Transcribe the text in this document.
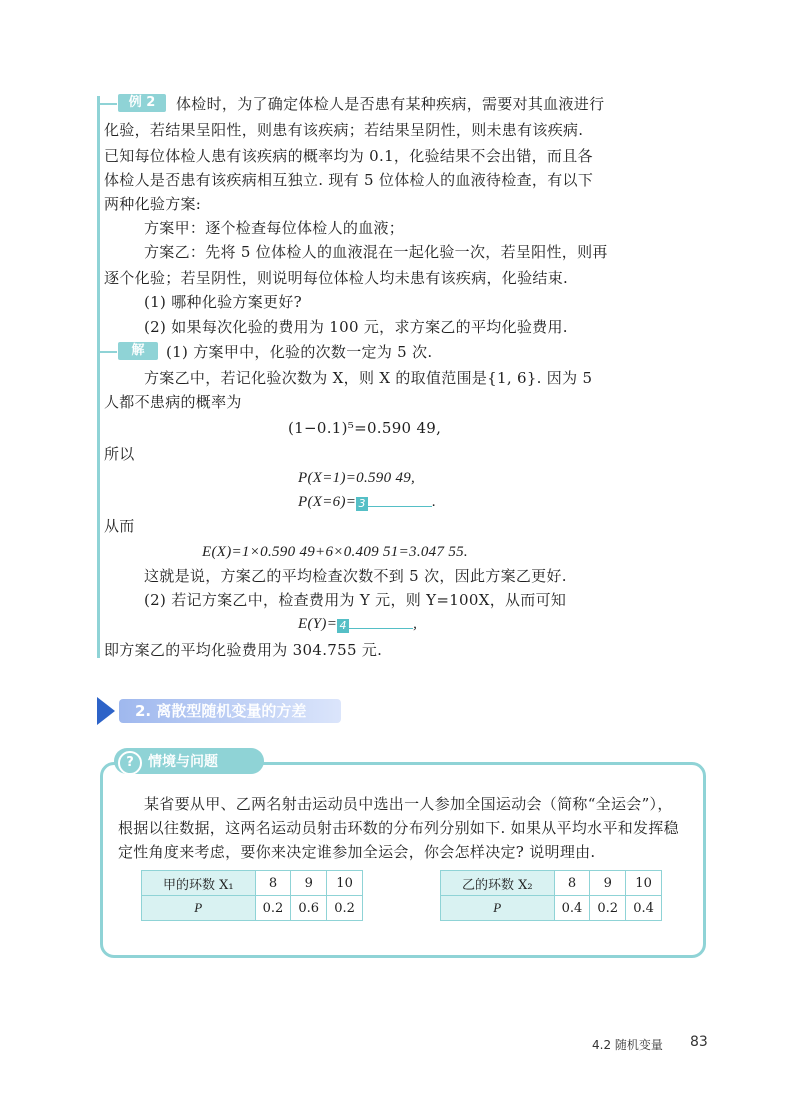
例 2	体检时，为了确定体检人是否患有某种疾病，需要对其血液进行
化验，若结果呈阳性，则患有该疾病；若结果呈阴性，则未患有该疾病.
已知每位体检人患有该疾病的概率均为 0.1，化验结果不会出错，而且各
体检人是否患有该疾病相互独立. 现有 5 位体检人的血液待检查，有以下
两种化验方案:
方案甲：逐个检查每位体检人的血液；
方案乙：先将 5 位体检人的血液混在一起化验一次，若呈阳性，则再
逐个化验；若呈阴性，则说明每位体检人均未患有该疾病，化验结束.
(1) 哪种化验方案更好?
(2) 如果每次化验的费用为 100 元，求方案乙的平均化验费用.
解	(1) 方案甲中，化验的次数一定为 5 次.
方案乙中，若记化验次数为 X，则 X 的取值范围是{1, 6}. 因为 5
人都不患病的概率为
(1−0.1)⁵=0.590 49,
所以
P(X=1)=0.590 49,
P(X=6)= 3	.
从而
E(X)=1×0.590 49+6×0.409 51=3.047 55.
这就是说，方案乙的平均检查次数不到 5 次，因此方案乙更好.
(2) 若记方案乙中，检查费用为 Y 元，则 Y=100X，从而可知
E(Y)= 4	,
即方案乙的平均化验费用为 304.755 元.
2. 离散型随机变量的方差
?	情境与问题
某省要从甲、乙两名射击运动员中选出一人参加全国运动会（简称“全运会”），
根据以往数据，这两名运动员射击环数的分布列分别如下. 如果从平均水平和发挥稳
定性角度来考虑，要你来决定谁参加全运会，你会怎样决定? 说明理由.
甲的环数 X₁	8	9	10
P	0.2	0.6	0.2
乙的环数 X₂	8	9	10
P	0.4	0.2	0.4
4.2 随机变量 83
